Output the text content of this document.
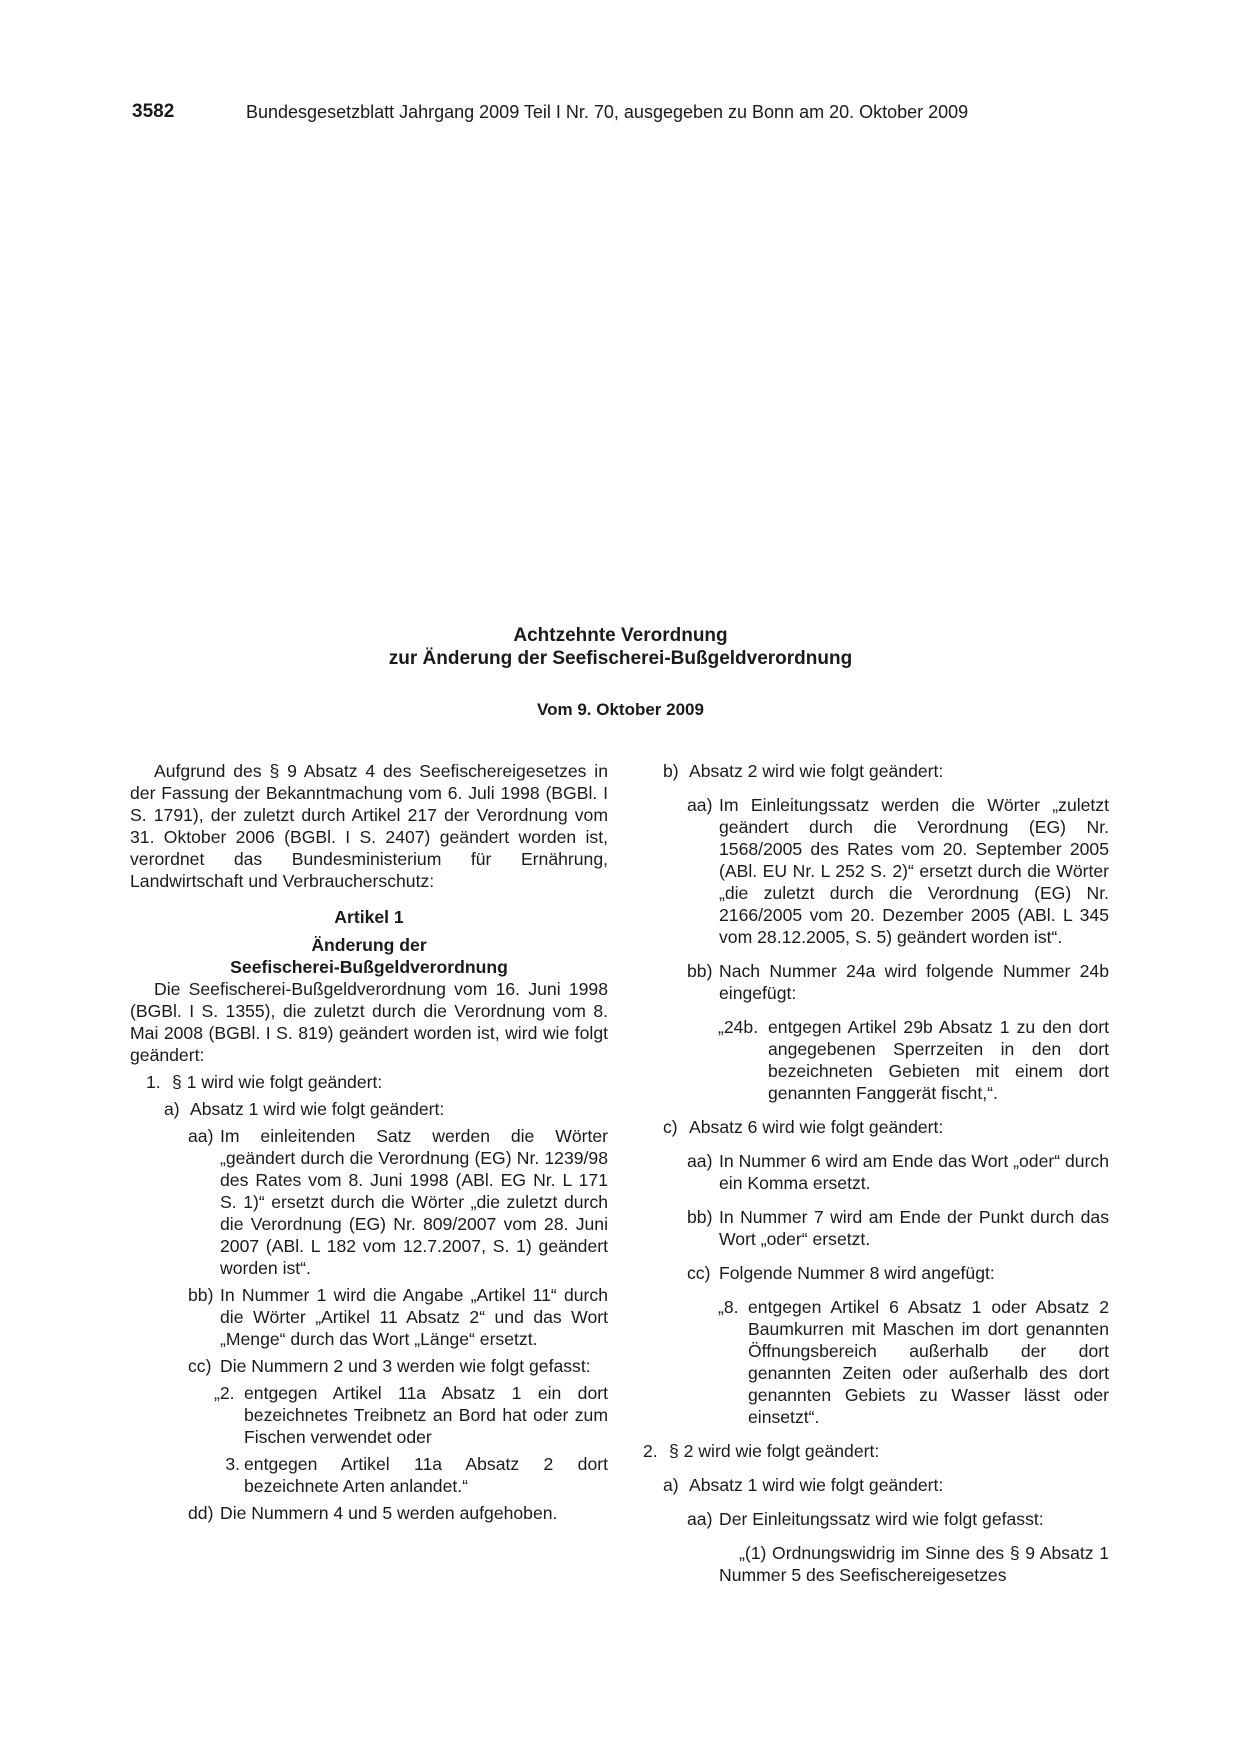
3582	Bundesgesetzblatt Jahrgang 2009 Teil I Nr. 70, ausgegeben zu Bonn am 20. Oktober 2009
Achtzehnte Verordnung
zur Änderung der Seefischerei-Bußgeldverordnung
Vom 9. Oktober 2009

Aufgrund des § 9 Absatz 4 des Seefischereigesetzes in der Fassung der Bekanntmachung vom 6. Juli 1998 (BGBl. I S. 1791), der zuletzt durch Artikel 217 der Verordnung vom 31. Oktober 2006 (BGBl. I S. 2407) geändert worden ist, verordnet das Bundesministerium für Ernährung, Landwirtschaft und Verbraucherschutz:

Artikel 1
Änderung der
Seefischerei-Bußgeldverordnung

Die Seefischerei-Bußgeldverordnung vom 16. Juni 1998 (BGBl. I S. 1355), die zuletzt durch die Verordnung vom 8. Mai 2008 (BGBl. I S. 819) geändert worden ist, wird wie folgt geändert:

1. § 1 wird wie folgt geändert:
a) Absatz 1 wird wie folgt geändert:
aa) Im einleitenden Satz werden die Wörter „geändert durch die Verordnung (EG) Nr. 1239/98 des Rates vom 8. Juni 1998 (ABl. EG Nr. L 171 S. 1)“ ersetzt durch die Wörter „die zuletzt durch die Verordnung (EG) Nr. 809/2007 vom 28. Juni 2007 (ABl. L 182 vom 12.7.2007, S. 1) geändert worden ist“.
bb) In Nummer 1 wird die Angabe „Artikel 11“ durch die Wörter „Artikel 11 Absatz 2“ und das Wort „Menge“ durch das Wort „Länge“ ersetzt.
cc) Die Nummern 2 und 3 werden wie folgt gefasst:
„2. entgegen Artikel 11a Absatz 1 ein dort bezeichnetes Treibnetz an Bord hat oder zum Fischen verwendet oder
3. entgegen Artikel 11a Absatz 2 dort bezeichnete Arten anlandet.“
dd) Die Nummern 4 und 5 werden aufgehoben.
b) Absatz 2 wird wie folgt geändert:
aa) Im Einleitungssatz werden die Wörter „zuletzt geändert durch die Verordnung (EG) Nr. 1568/2005 des Rates vom 20. September 2005 (ABl. EU Nr. L 252 S. 2)“ ersetzt durch die Wörter „die zuletzt durch die Verordnung (EG) Nr. 2166/2005 vom 20. Dezember 2005 (ABl. L 345 vom 28.12.2005, S. 5) geändert worden ist“.
bb) Nach Nummer 24a wird folgende Nummer 24b eingefügt:
„24b. entgegen Artikel 29b Absatz 1 zu den dort angegebenen Sperrzeiten in den dort bezeichneten Gebieten mit einem dort genannten Fanggerät fischt,“.
c) Absatz 6 wird wie folgt geändert:
aa) In Nummer 6 wird am Ende das Wort „oder“ durch ein Komma ersetzt.
bb) In Nummer 7 wird am Ende der Punkt durch das Wort „oder“ ersetzt.
cc) Folgende Nummer 8 wird angefügt:
„8. entgegen Artikel 6 Absatz 1 oder Absatz 2 Baumkurren mit Maschen im dort genannten Öffnungsbereich außerhalb der dort genannten Zeiten oder außerhalb des dort genannten Gebiets zu Wasser lässt oder einsetzt“.
2. § 2 wird wie folgt geändert:
a) Absatz 1 wird wie folgt geändert:
aa) Der Einleitungssatz wird wie folgt gefasst:

„(1) Ordnungswidrig im Sinne des § 9 Absatz 1 Nummer 5 des Seefischereigesetzes
